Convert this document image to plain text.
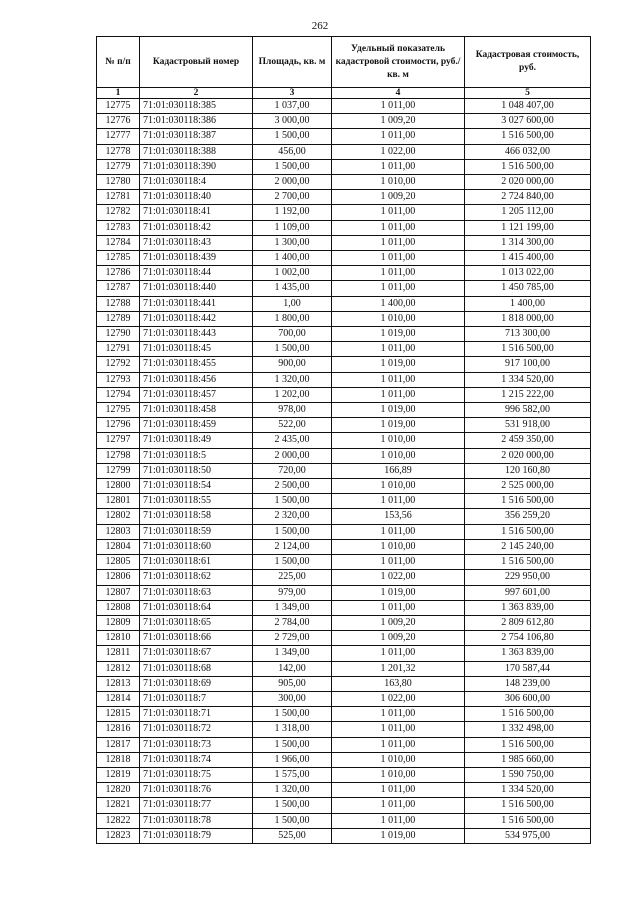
262
№ п/п	Кадастровый номер	Площадь, кв. м	Удельный показатель кадастровой стоимости, руб./кв. м	Кадастровая стоимость, руб.
1	2	3	4	5
12775	71:01:030118:385	1 037,00	1 011,00	1 048 407,00
12776	71:01:030118:386	3 000,00	1 009,20	3 027 600,00
12777	71:01:030118:387	1 500,00	1 011,00	1 516 500,00
12778	71:01:030118:388	456,00	1 022,00	466 032,00
12779	71:01:030118:390	1 500,00	1 011,00	1 516 500,00
12780	71:01:030118:4	2 000,00	1 010,00	2 020 000,00
12781	71:01:030118:40	2 700,00	1 009,20	2 724 840,00
12782	71:01:030118:41	1 192,00	1 011,00	1 205 112,00
12783	71:01:030118:42	1 109,00	1 011,00	1 121 199,00
12784	71:01:030118:43	1 300,00	1 011,00	1 314 300,00
12785	71:01:030118:439	1 400,00	1 011,00	1 415 400,00
12786	71:01:030118:44	1 002,00	1 011,00	1 013 022,00
12787	71:01:030118:440	1 435,00	1 011,00	1 450 785,00
12788	71:01:030118:441	1,00	1 400,00	1 400,00
12789	71:01:030118:442	1 800,00	1 010,00	1 818 000,00
12790	71:01:030118:443	700,00	1 019,00	713 300,00
12791	71:01:030118:45	1 500,00	1 011,00	1 516 500,00
12792	71:01:030118:455	900,00	1 019,00	917 100,00
12793	71:01:030118:456	1 320,00	1 011,00	1 334 520,00
12794	71:01:030118:457	1 202,00	1 011,00	1 215 222,00
12795	71:01:030118:458	978,00	1 019,00	996 582,00
12796	71:01:030118:459	522,00	1 019,00	531 918,00
12797	71:01:030118:49	2 435,00	1 010,00	2 459 350,00
12798	71:01:030118:5	2 000,00	1 010,00	2 020 000,00
12799	71:01:030118:50	720,00	166,89	120 160,80
12800	71:01:030118:54	2 500,00	1 010,00	2 525 000,00
12801	71:01:030118:55	1 500,00	1 011,00	1 516 500,00
12802	71:01:030118:58	2 320,00	153,56	356 259,20
12803	71:01:030118:59	1 500,00	1 011,00	1 516 500,00
12804	71:01:030118:60	2 124,00	1 010,00	2 145 240,00
12805	71:01:030118:61	1 500,00	1 011,00	1 516 500,00
12806	71:01:030118:62	225,00	1 022,00	229 950,00
12807	71:01:030118:63	979,00	1 019,00	997 601,00
12808	71:01:030118:64	1 349,00	1 011,00	1 363 839,00
12809	71:01:030118:65	2 784,00	1 009,20	2 809 612,80
12810	71:01:030118:66	2 729,00	1 009,20	2 754 106,80
12811	71:01:030118:67	1 349,00	1 011,00	1 363 839,00
12812	71:01:030118:68	142,00	1 201,32	170 587,44
12813	71:01:030118:69	905,00	163,80	148 239,00
12814	71:01:030118:7	300,00	1 022,00	306 600,00
12815	71:01:030118:71	1 500,00	1 011,00	1 516 500,00
12816	71:01:030118:72	1 318,00	1 011,00	1 332 498,00
12817	71:01:030118:73	1 500,00	1 011,00	1 516 500,00
12818	71:01:030118:74	1 966,00	1 010,00	1 985 660,00
12819	71:01:030118:75	1 575,00	1 010,00	1 590 750,00
12820	71:01:030118:76	1 320,00	1 011,00	1 334 520,00
12821	71:01:030118:77	1 500,00	1 011,00	1 516 500,00
12822	71:01:030118:78	1 500,00	1 011,00	1 516 500,00
12823	71:01:030118:79	525,00	1 019,00	534 975,00
